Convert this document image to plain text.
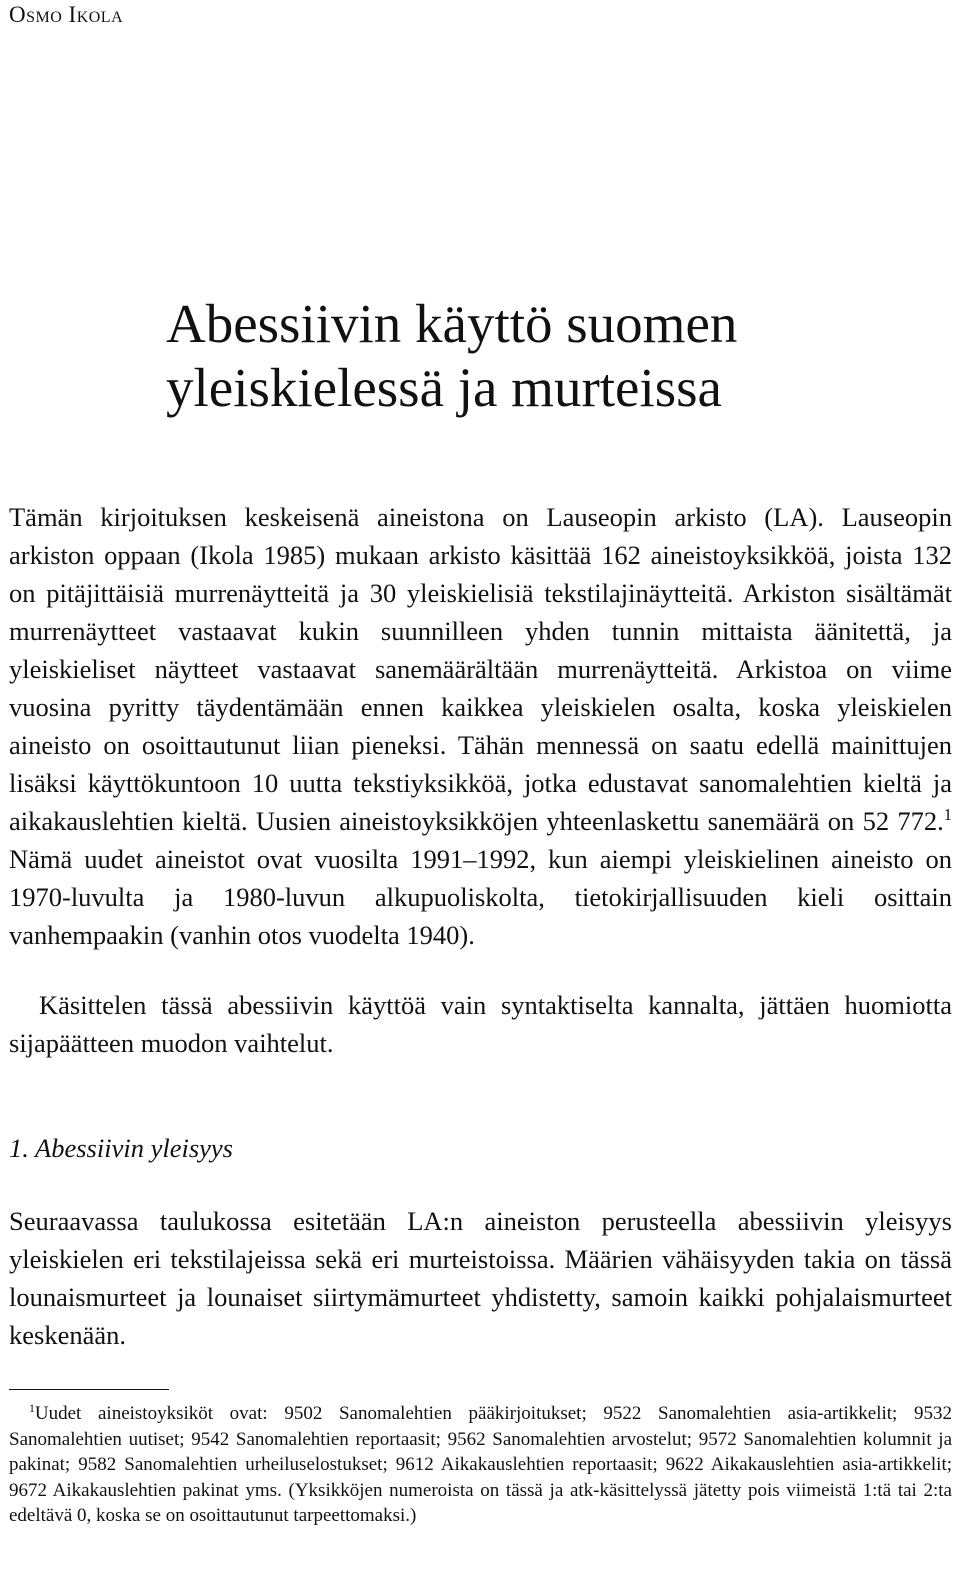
Osmo Ikola

Abessiivin käyttö suomen
yleiskielessä ja murteissa

Tämän kirjoituksen keskeisenä aineistona on Lauseopin arkisto (LA). Lauseopin arkiston oppaan (Ikola 1985) mukaan arkisto käsittää 162 aineistoyksikköä, joista 132 on pitäjittäisiä murrenäytteitä ja 30 yleiskielisiä tekstilajinäytteitä. Arkiston sisältämät murrenäytteet vastaavat kukin suunnilleen yhden tunnin mittaista äänitettä, ja yleiskieliset näytteet vastaavat sanemäärältään murrenäytteitä. Arkistoa on viime vuosina pyritty täydentämään ennen kaikkea yleiskielen osalta, koska yleiskielen aineisto on osoittautunut liian pieneksi. Tähän mennessä on saatu edellä mainittujen lisäksi käyttökuntoon 10 uutta tekstiyksikköä, jotka edustavat sanomalehtien kieltä ja aikakauslehtien kieltä. Uusien aineistoyksikköjen yhteenlaskettu sanemäärä on 52 772.$^1$ Nämä uudet aineistot ovat vuosilta 1991–1992, kun aiempi yleiskielinen aineisto on 1970-luvulta ja 1980-luvun alkupuoliskolta, tietokirjallisuuden kieli osittain vanhempaakin (vanhin otos vuodelta 1940).

Käsittelen tässä abessiivin käyttöä vain syntaktiselta kannalta, jättäen huomiotta sijapäätteen muodon vaihtelut.

1. Abessiivin yleisyys

Seuraavassa taulukossa esitetään LA:n aineiston perusteella abessiivin yleisyys yleiskielen eri tekstilajeissa sekä eri murteistoissa. Määrien vähäisyyden takia on tässä lounaismurteet ja lounaiset siirtymämurteet yhdistetty, samoin kaikki pohjalaismurteet keskenään.

$^1$Uudet aineistoyksiköt ovat: 9502 Sanomalehtien pääkirjoitukset; 9522 Sanomalehtien asia-artikkelit; 9532 Sanomalehtien uutiset; 9542 Sanomalehtien reportaasit; 9562 Sanomalehtien arvostelut; 9572 Sanomalehtien kolumnit ja pakinat; 9582 Sanomalehtien urheiluselostukset; 9612 Aikakauslehtien reportaasit; 9622 Aikakauslehtien asia-artikkelit; 9672 Aikakauslehtien pakinat yms. (Yksikköjen numeroista on tässä ja atk-käsittelyssä jätetty pois viimeistä 1:tä tai 2:ta edeltävä 0, koska se on osoittautunut tarpeettomaksi.)
